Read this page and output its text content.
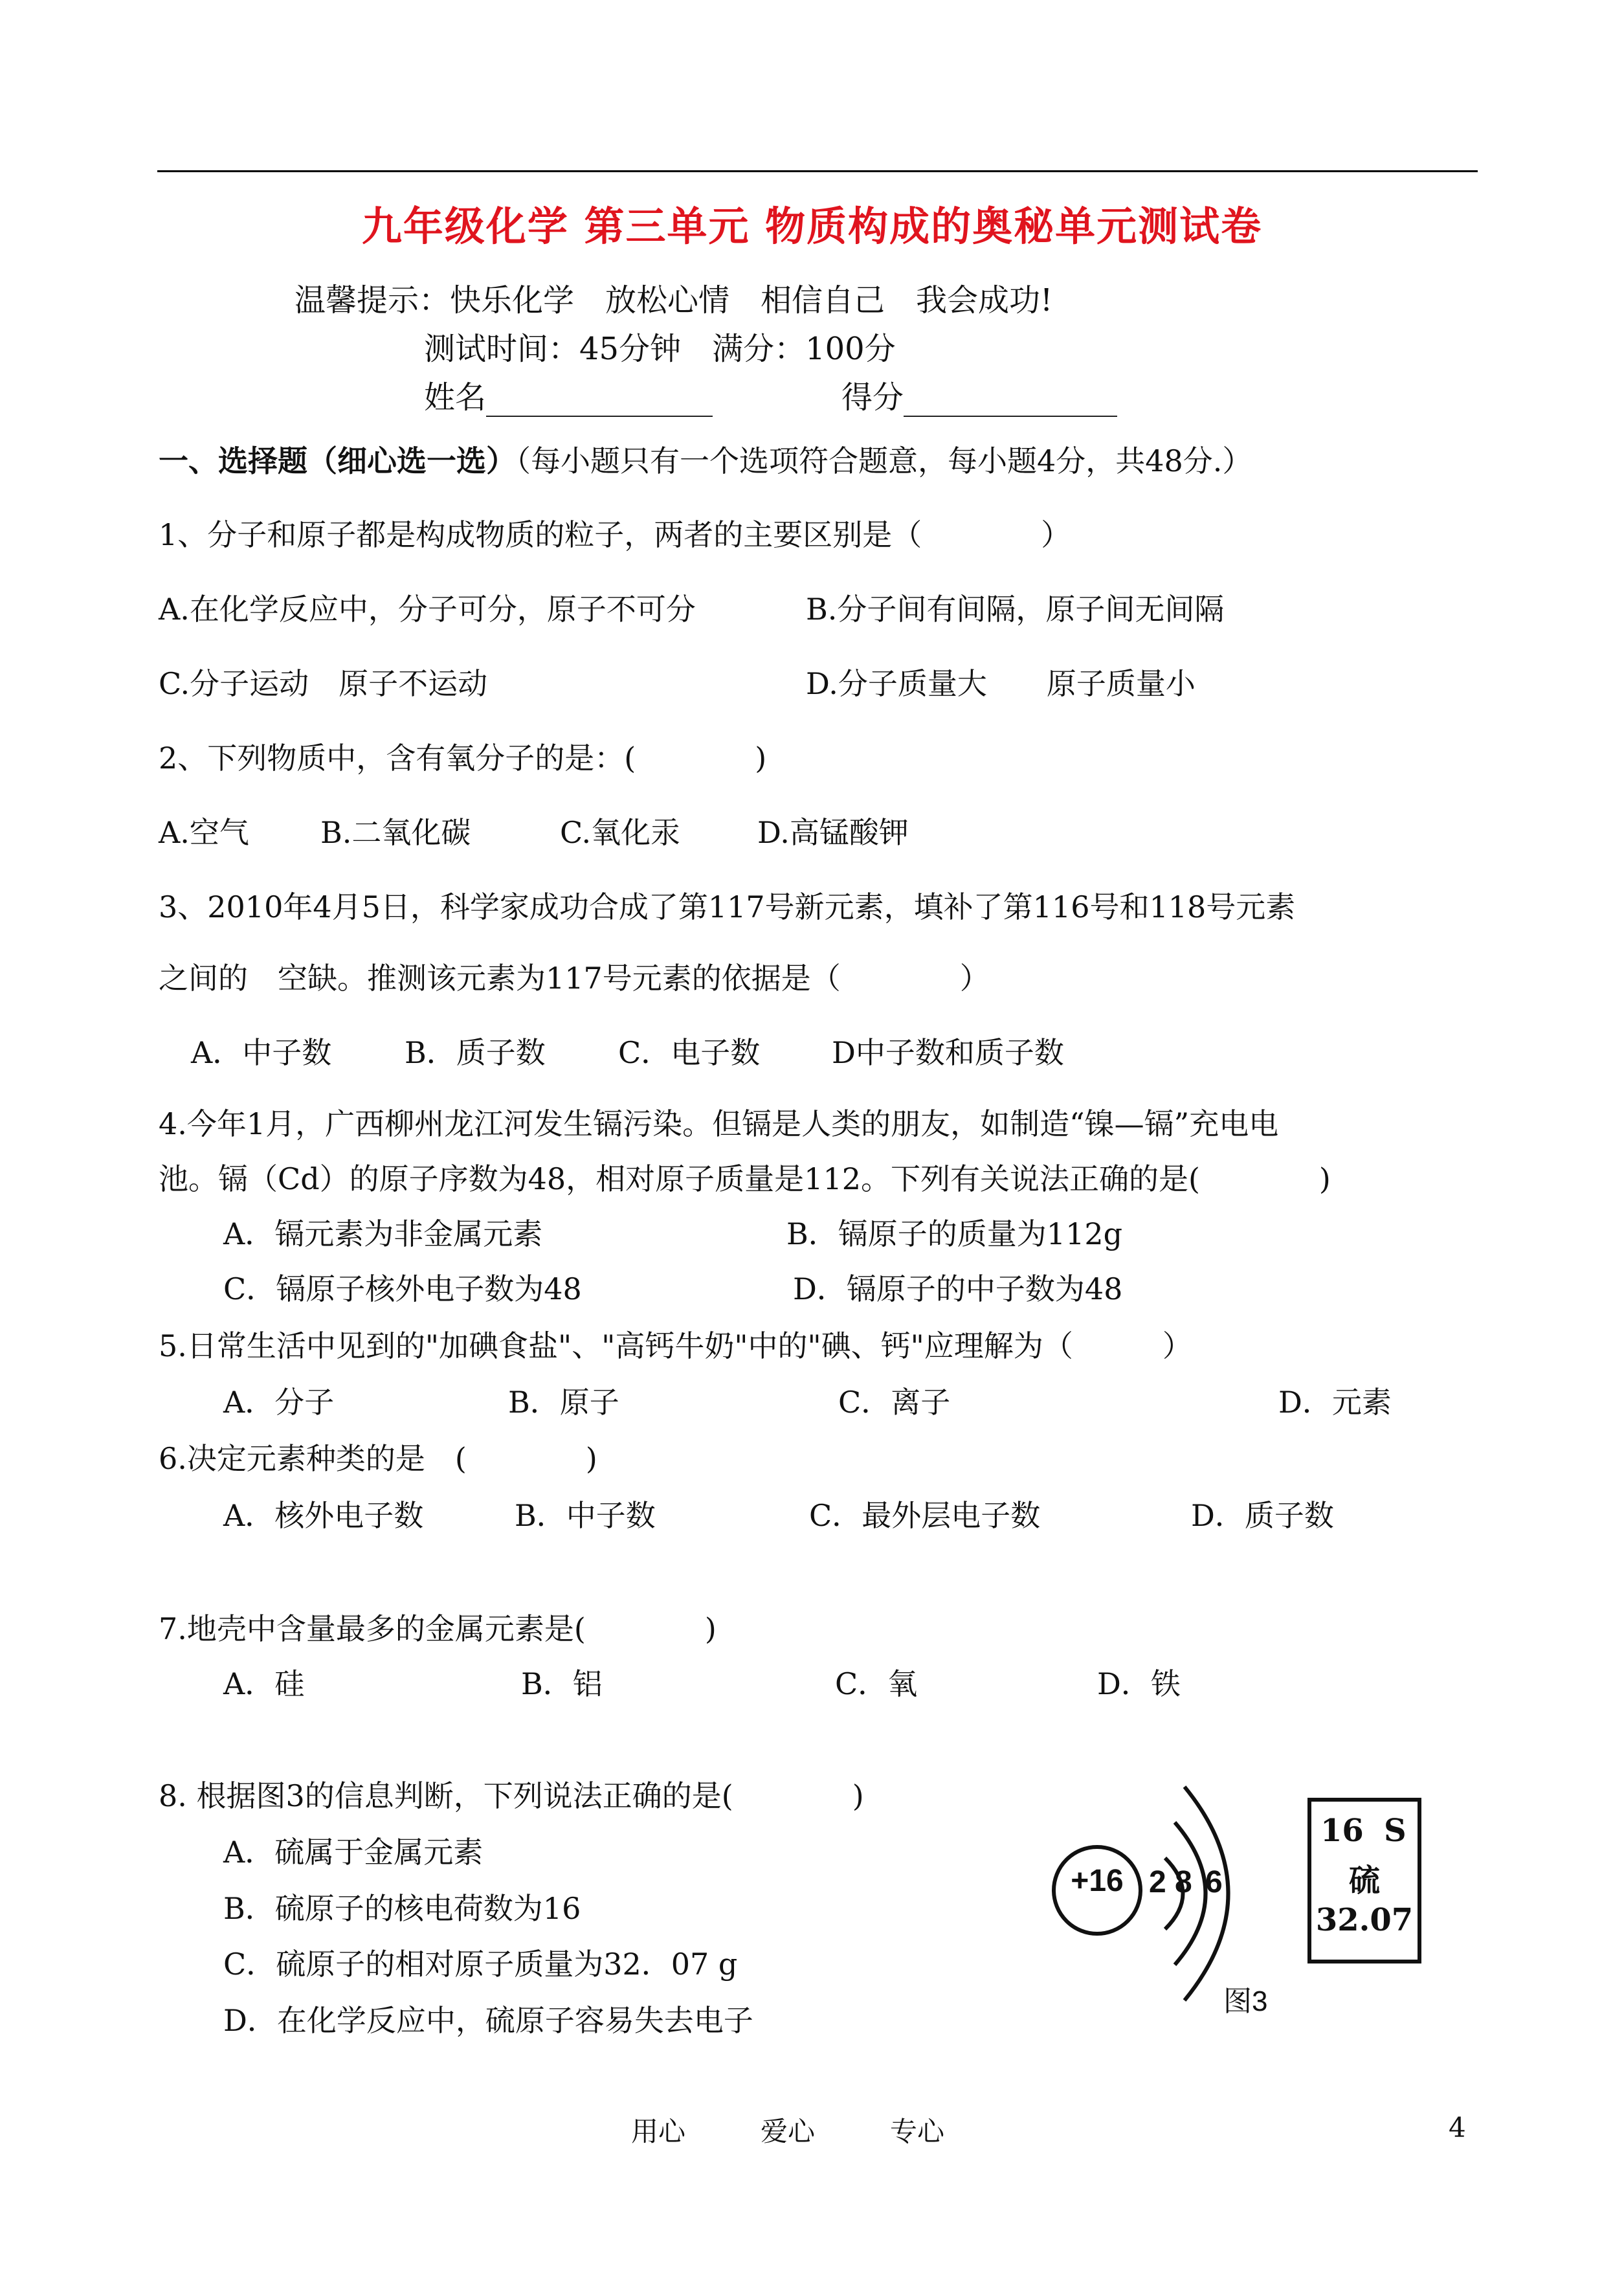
九年级化学 第三单元 物质构成的奥秘单元测试卷
温馨提示：快乐化学　放松心情　相信自己　我会成功!
测试时间：45分钟　满分：100分
姓名	得分
一、选择题（细心选一选）（每小题只有一个选项符合题意，每小题4分，共48分.）
1、分子和原子都是构成物质的粒子，两者的主要区别是（　　　　）
A.在化学反应中，分子可分，原子不可分	B.分子间有间隔，原子间无间隔
C.分子运动　原子不运动	D.分子质量大　　原子质量小
2、下列物质中，含有氧分子的是：(　　　　)
A.空气 B.二氧化碳	C.氧化汞	D.高锰酸钾
3、2010年4月5日，科学家成功合成了第117号新元素，填补了第116号和118号元素
之间的　空缺。推测该元素为117号元素的依据是（　　　　）
A．中子数 B．质子数 C．电子数 D中子数和质子数
4.今年1月，广西柳州龙江河发生镉污染。但镉是人类的朋友，如制造“镍—镉”充电电
池。镉（Cd）的原子序数为48，相对原子质量是112。下列有关说法正确的是(　　　　)
A．镉元素为非金属元素	B．镉原子的质量为112g
C．镉原子核外电子数为48	D．镉原子的中子数为48
5.日常生活中见到的"加碘食盐"、"高钙牛奶"中的"碘、钙"应理解为（　　　）
A．分子	B．原子	C．离子	D．元素
6.决定元素种类的是　(　　　　)
A．核外电子数	B．中子数	C．最外层电子数	D．质子数
7.地壳中含量最多的金属元素是(　　　　)
A．硅	B．铝	C．氧	D．铁
8. 根据图3的信息判断，下列说法正确的是(　　　　)
A．硫属于金属元素
B．硫原子的核电荷数为16
C．硫原子的相对原子质量为32．07 g
D．在化学反应中，硫原子容易失去电子
+16 2 8 6
16 S
硫
32.07
图3
用心	爱心	专心	4
